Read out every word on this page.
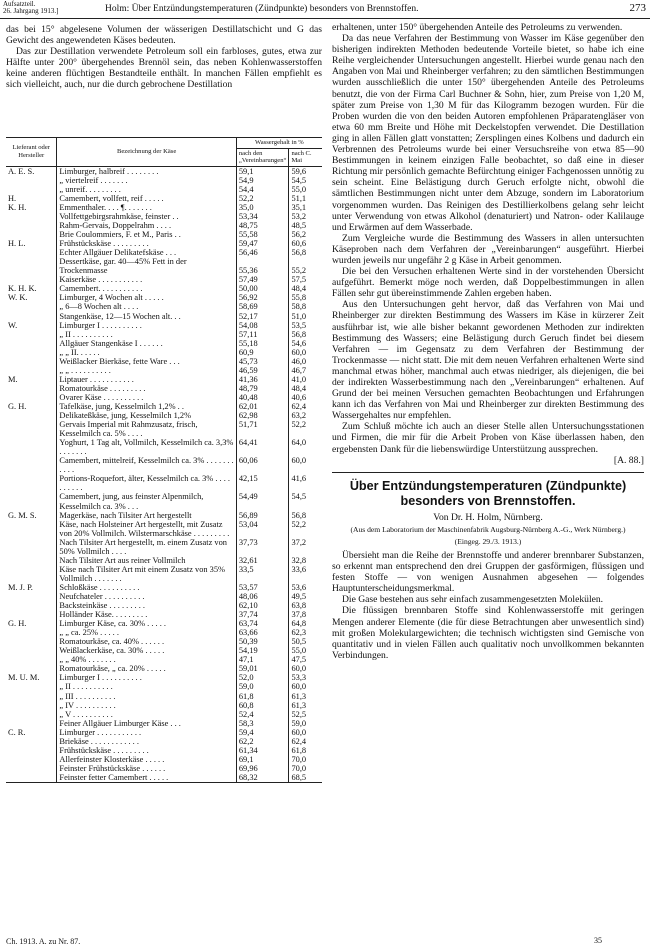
Aufsatzteil.
26. Jahrgang 1913.]	Holm: Über Entzündungstemperaturen (Zündpunkte) besonders von Brennstoffen.	273

das bei 15° abgelesene Volumen der wässerigen Destillatschicht und G das Gewicht des angewendeten Käses bedeuten.

Das zur Destillation verwendete Petroleum soll ein farbloses, gutes, etwa zur Hälfte unter 200° übergehendes Brennöl sein, das neben Kohlenwasserstoffen keine anderen flüchtigen Bestandteile enthält. In manchen Fällen empfiehlt es sich vielleicht, auch, nur die durch gebrochene Destillation

Lieferant oder Hersteller	Bezeichnung der Käse	Wassergehalt in %	
		nach den „Vereinbarungen“	nach C. Mai
A. E. S.	Limburger, halbreif . . . . . . . .	59,1	59,6
	„ viertelreif . . . . . . .	54,9	54,5
	„ unreif. . . . . . . . .	54,4	55,0
H.	Camembert, vollfett, reif . . . . .	52,2	51,1
K. H.	Emmenthaler. . . . ¶. . . . . . .	35,0	35,1
	Vollfettgebirgsrahmkäse, feinster . .	53,34	53,2
	Rahm-Gervais, Doppelrahm . . . .	48,75	48,5
	Brie Coulommiers, F. et M., Paris . .	55,58	56,2
H. L.	Frühstückskäse . . . . . . . . .	59,47	60,6
	Echter Allgäuer Delikatefskäse . . .	56,46	56,8
	Dessertkäse, gar. 40—45% Fett in der		
	Trockenmasse	55,36	55,2
	Kaiserkäse . . . . . . . . . . .	57,49	57,5
K. H. K.	Camembert. . . . . . . . . . .	50,00	48,4
W. K.	Limburger, 4 Wochen alt . . . . .	56,92	55,8
	„ 6—8 Wochen alt . . . .	58,69	58,8
	Stangenkäse, 12—15 Wochen alt. . .	52,17	51,0
W.	Limburger I . . . . . . . . . .	54,08	53,5
	„ II . . . . . . . . . .	57,11	56,8
	Allgäuer Stangenkäse I . . . . . .	55,18	54,6
	„ „ II. . . . . .	60,9	60,0
	Weißlacker Bierkäse, fette Ware . . .	45,73	46,0
	„ „ . . . . . . . . . .	46,59	46,7
M.	Liptauer . . . . . . . . . . .	41,36	41,0
	Romatourkäse . . . . . . . . .	48,79	48,4
	Ovarer Käse . . . . . . . . . .	40,48	40,6
G. H.	Tafelkäse, jung, Kesselmilch 1,2% . .	62,01	62,4
	Delikateßkäse, jung, Kesselmilch 1,2%	62,98	63,2
	Gervais Imperial mit Rahmzusatz, frisch, Kesselmilch ca. 5% . . . .	51,71	52,2
	Yoghurt, 1 Tag alt, Vollmilch, Kesselmilch ca. 3,3% . . . . . . .	64,41	64,0
	Camembert, mittelreif, Kesselmilch ca. 3% . . . . . . . . . . .	60,06	60,0
	Portions-Roquefort, älter, Kesselmilch ca. 3% . . . . . . . . . .	42,15	41,6
	Camembert, jung, aus feinster Alpenmilch, Kesselmilch ca. 3% . . .	54,49	54,5
G. M. S.	Magerkäse, nach Tilsiter Art hergestellt	56,89	56,8
	Käse, nach Holsteiner Art hergestellt, mit Zusatz von 20% Vollmilch. Wilstermarschkäse . . . . . . . . .	53,04	52,2
	Nach Tilsiter Art hergestellt, m. einem Zusatz von 50% Vollmilch . . . .	37,73	37,2
	Nach Tilsiter Art aus reiner Vollmilch	32,61	32,8
	Käse nach Tilsiter Art mit einem Zusatz von 35% Vollmilch . . . . . . .	33,5	33,6
M. J. P.	Schloßkäse . . . . . . . . . .	53,57	53,6
	Neufchateler . . . . . . . . . .	48,06	49,5
	Backsteinkäse . . . . . . . . .	62,10	63,8
	Holländer Käse. . . . . . . . .	37,74	37,8
G. H.	Limburger Käse, ca. 30% . . . . .	63,74	64,8
	„ „ ca. 25% . . . . .	63,66	62,3
	Romatourkäse, ca. 40% . . . . . .	50,39	50,5
	Weißlackerkäse, ca. 30% . . . . .	54,19	55,0
	„ „ 40% . . . . . . .	47,1	47,5
	Romatourkäse, „ ca. 20% . . . . .	59,01	60,0
M. U. M.	Limburger I . . . . . . . . . .	52,0	53,3
	„ II . . . . . . . . . .	59,0	60,0
	„ III . . . . . . . . . .	61,8	61,3
	„ IV . . . . . . . . . .	60,8	61,3
	„ V . . . . . . . . . .	52,4	52,5
	Feiner Allgäuer Limburger Käse . . .	58,3	59,0
C. R.	Limburger . . . . . . . . . . .	59,4	60,0
	Briekäse . . . . . . . . . . . .	62,2	62,4
	Frühstückskäse . . . . . . . . .	61,34	61,8
	Allerfeinster Klosterkäse . . . . .	69,1	70,0
	Feinster Frühstückskäse . . . . . .	69,96	70,0
	Feinster fetter Camembert . . . . .	68,32	68,5

erhaltenen, unter 150° übergehenden Anteile des Petroleums zu verwenden.

Da das neue Verfahren der Bestimmung von Wasser im Käse gegenüber den bisherigen indirekten Methoden bedeutende Vorteile bietet, so habe ich eine Reihe vergleichender Untersuchungen angestellt. Hierbei wurde genau nach den Angaben von Mai und Rheinberger verfahren; zu den sämtlichen Bestimmungen wurden ausschließlich die unter 150° übergehenden Anteile des Petroleums benutzt, die von der Firma Carl Buchner & Sohn, hier, zum Preise von 1,20 M, später zum Preise von 1,30 M für das Kilogramm bezogen wurden. Für die Proben wurden die von den beiden Autoren empfohlenen Präparatengläser von etwa 60 mm Breite und Höhe mit Deckelstopfen verwendet. Die Destillation ging in allen Fällen glatt vonstatten; Zersplingen eines Kolbens und dadurch ein Verbrennen des Petroleums wurde bei einer Versuchsreihe von etwa 85—90 Bestimmungen in keinem einzigen Falle beobachtet, so daß eine in dieser Richtung mir persönlich gemachte Befürchtung einiger Fachgenossen unnötig zu sein scheint. Eine Belästigung durch Geruch erfolgte nicht, obwohl die sämtlichen Bestimmungen nicht unter dem Abzuge, sondern im Laboratorium vorgenommen wurden. Das Reinigen des Destillierkolbens gelang sehr leicht unter Verwendung von etwas Alkohol (denaturiert) und Natron- oder Kalilauge und Erwärmen auf dem Wasserbade.

Zum Vergleiche wurde die Bestimmung des Wassers in allen untersuchten Käseproben nach dem Verfahren der „Vereinbarungen“ ausgeführt. Hierbei wurden jeweils nur ungefähr 2 g Käse in Arbeit genommen.

Die bei den Versuchen erhaltenen Werte sind in der vorstehenden Übersicht aufgeführt. Bemerkt möge noch werden, daß Doppelbestimmungen in allen Fällen sehr gut übereinstimmende Zahlen ergeben haben.

Aus den Untersuchungen geht hervor, daß das Verfahren von Mai und Rheinberger zur direkten Bestimmung des Wassers im Käse in kürzerer Zeit ausführbar ist, wie alle bisher bekannt gewordenen Methoden zur indirekten Bestimmung des Wassers; eine Belästigung durch Geruch findet bei diesem Verfahren — im Gegensatz zu dem Verfahren der Bestimmung der Trockenmasse — nicht statt. Die mit dem neuen Verfahren erhaltenen Werte sind manchmal etwas höher, manchmal auch etwas niedriger, als diejenigen, die bei der indirekten Wasserbestimmung nach den „Vereinbarungen“ erhaltenen. Auf Grund der bei meinen Versuchen gemachten Beobachtungen und Erfahrungen kann ich das Verfahren von Mai und Rheinberger zur direkten Bestimmung des Wassergehaltes nur empfehlen.

Zum Schluß möchte ich auch an dieser Stelle allen Untersuchungsstationen und Firmen, die mir für die Arbeit Proben von Käse überlassen haben, den ergebensten Dank für die liebenswürdige Unterstützung aussprechen.

[A. 88.]

Über Entzündungstemperaturen (Zündpunkte) besonders von Brennstoffen.
Von Dr. H. Holm, Nürnberg.
(Aus dem Laboratorium der Maschinenfabrik Augsburg-Nürnberg A.-G., Werk Nürnberg.)
(Eingeg. 29./3. 1913.)

Übersieht man die Reihe der Brennstoffe und anderer brennbarer Substanzen, so erkennt man entsprechend den drei Gruppen der gasförmigen, flüssigen und festen Stoffe — von wenigen Ausnahmen abgesehen — folgendes Hauptunterscheidungsmerkmal.

Die Gase bestehen aus sehr einfach zusammengesetzten Molekülen.

Die flüssigen brennbaren Stoffe sind Kohlenwasserstoffe mit geringen Mengen anderer Elemente (die für diese Betrachtungen aber unwesentlich sind) mit großen Molekulargewichten; die technisch wichtigsten sind Gemische von quantitativ und in vielen Fällen auch qualitativ noch unvollkommen bekannten Verbindungen.

Ch. 1913. A. zu Nr. 87.	35
